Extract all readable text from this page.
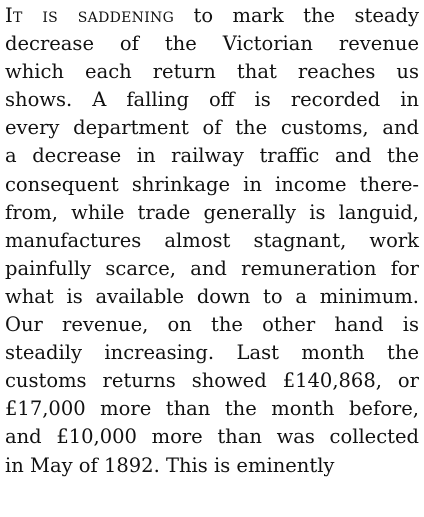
It is saddening to mark the steady
decrease of the Victorian revenue
which each return that reaches us
shows. A falling off is recorded in
every department of the customs, and
a decrease in railway traffic and the
consequent shrinkage in income there-
from, while trade generally is languid,
manufactures almost stagnant, work
painfully scarce, and remuneration for
what is available down to a minimum.
Our revenue, on the other hand is
steadily increasing. Last month the
customs returns showed £140,868, or
£17,000 more than the month before,
and £10,000 more than was collected
in May of 1892. This is eminently
